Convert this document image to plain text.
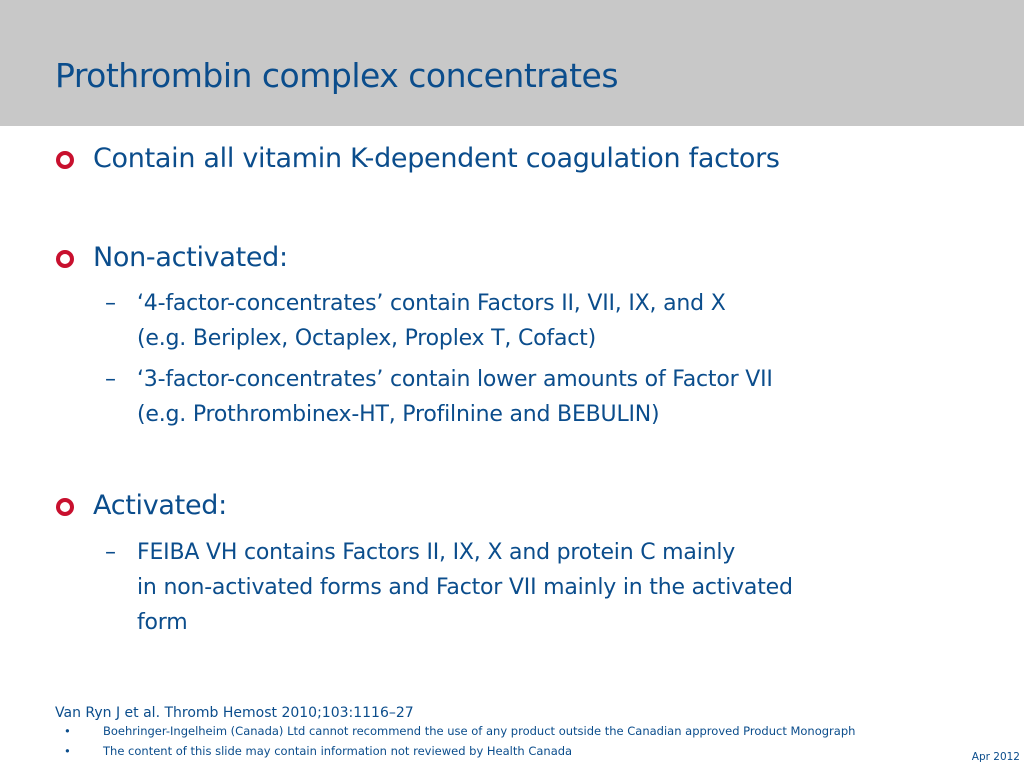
Prothrombin complex concentrates
Contain all vitamin K-dependent coagulation factors
Non-activated:
– ‘4-factor-concentrates’ contain Factors II, VII, IX, and X
(e.g. Beriplex, Octaplex, Proplex T, Cofact)
– ‘3-factor-concentrates’ contain lower amounts of Factor VII
(e.g. Prothrombinex-HT, Profilnine and BEBULIN)
Activated:
– FEIBA VH contains Factors II, IX, X and protein C mainly
in non-activated forms and Factor VII mainly in the activated
form
Van Ryn J et al. Thromb Hemost 2010;103:1116–27
•	Boehringer-Ingelheim (Canada) Ltd cannot recommend the use of any product outside the Canadian approved Product Monograph
•	The content of this slide may contain information not reviewed by Health Canada	Apr 2012
